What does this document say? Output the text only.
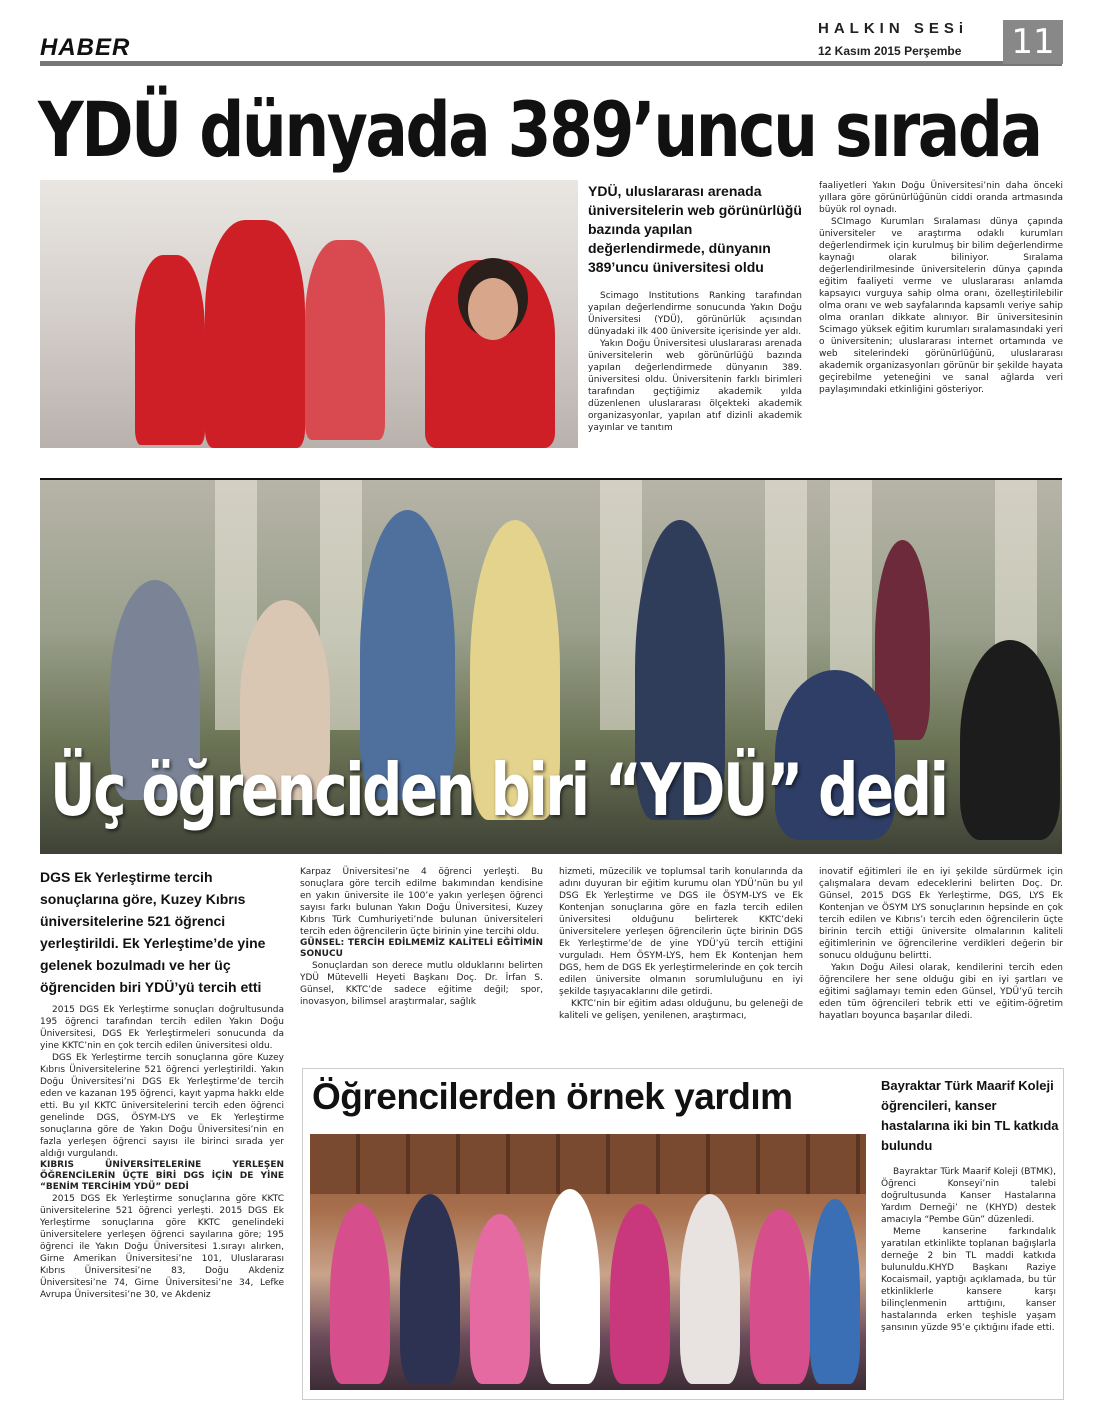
HABER
HALKIN SESi
12 Kasım 2015 Perşembe 11
YDÜ dünyada 389’uncu sırada
YDÜ, uluslararası arenada üniversitelerin web görünürlüğü bazında yapılan değerlendirmede, dünyanın 389’uncu üniversitesi oldu

Scimago Institutions Ranking tarafından yapılan değerlendirme sonucunda Yakın Doğu Üniversitesi (YDÜ), görünürlük açısından dünyadaki ilk 400 üniversite içerisinde yer aldı.

Yakın Doğu Üniversitesi uluslararası arenada üniversitelerin web görünürlüğü bazında yapılan değerlendirmede dünyanın 389. üniversitesi oldu. Üniversitenin farklı birimleri tarafından geçtiğimiz akademik yılda düzenlenen uluslararası ölçekteki akademik organizasyonlar, yapılan atıf dizinli akademik yayınlar ve tanıtım

faaliyetleri Yakın Doğu Üniversitesi’nin daha önceki yıllara göre görünürlüğünün ciddi oranda artmasında büyük rol oynadı.

SCImago Kurumları Sıralaması dünya çapında üniversiteler ve araştırma odaklı kurumları değerlendirmek için kurulmuş bir bilim değerlendirme kaynağı olarak biliniyor. Sıralama değerlendirilmesinde üniversitelerin dünya çapında eğitim faaliyeti verme ve uluslararası anlamda kapsayıcı vurguya sahip olma oranı, özelleştirilebilir olma oranı ve web sayfalarında kapsamlı veriye sahip olma oranları dikkate alınıyor. Bir üniversitesinin Scimago yüksek eğitim kurumları sıralamasındaki yeri o üniversitenin; uluslararası internet ortamında ve web sitelerindeki görünürlüğünü, uluslararası akademik organizasyonları görünür bir şekilde hayata geçirebilme yeteneğini ve sanal ağlarda veri paylaşımındaki etkinliğini gösteriyor.

Üç öğrenciden biri “YDÜ” dedi
DGS Ek Yerleştirme tercih sonuçlarına göre, Kuzey Kıbrıs üniversitelerine 521 öğrenci yerleştirildi. Ek Yerleştime’de yine gelenek bozulmadı ve her üç öğrenciden biri YDÜ’yü tercih etti

2015 DGS Ek Yerleştirme sonuçları doğrultusunda 195 öğrenci tarafından tercih edilen Yakın Doğu Üniversitesi, DGS Ek Yerleştirmeleri sonucunda da yine KKTC’nin en çok tercih edilen üniversitesi oldu.

DGS Ek Yerleştirme tercih sonuçlarına göre Kuzey Kıbrıs Üniversitelerine 521 öğrenci yerleştirildi. Yakın Doğu Üniversitesi’ni DGS Ek Yerleştirme’de tercih eden ve kazanan 195 öğrenci, kayıt yapma hakkı elde etti. Bu yıl KKTC üniversitelerini tercih eden öğrenci genelinde DGS, ÖSYM-LYS ve Ek Yerleştirme sonuçlarına göre de Yakın Doğu Üniversitesi’nin en fazla yerleşen öğrenci sayısı ile birinci sırada yer aldığı vurgulandı.

KIBRIS ÜNİVERSİTELERİNE YERLEŞEN ÖĞRENCİLERİN ÜÇTE BİRİ DGS İÇİN DE YİNE “BENİM TERCİHİM YDÜ” DEDİ

2015 DGS Ek Yerleştirme sonuçlarına göre KKTC üniversitelerine 521 öğrenci yerleşti. 2015 DGS Ek Yerleştirme sonuçlarına göre KKTC genelindeki üniversitelere yerleşen öğrenci sayılarına göre; 195 öğrenci ile Yakın Doğu Üniversitesi 1.sırayı alırken, Girne Amerikan Üniversitesi’ne 101, Uluslararası Kıbrıs Üniversitesi’ne 83, Doğu Akdeniz Üniversitesi’ne 74, Girne Üniversitesi’ne 34, Lefke Avrupa Üniversitesi’ne 30, ve Akdeniz

Karpaz Üniversitesi’ne 4 öğrenci yerleşti. Bu sonuçlara göre tercih edilme bakımından kendisine en yakın üniversite ile 100’e yakın yerleşen öğrenci sayısı farkı bulunan Yakın Doğu Üniversitesi, Kuzey Kıbrıs Türk Cumhuriyeti’nde bulunan üniversiteleri tercih eden öğrencilerin üçte birinin yine tercihi oldu.

GÜNSEL: TERCİH EDİLMEMİZ KALİTELİ EĞİTİMİN SONUCU

Sonuçlardan son derece mutlu olduklarını belirten YDÜ Mütevelli Heyeti Başkanı Doç. Dr. İrfan S. Günsel, KKTC’de sadece eğitime değil; spor, inovasyon, bilimsel araştırmalar, sağlık

hizmeti, müzecilik ve toplumsal tarih konularında da adını duyuran bir eğitim kurumu olan YDÜ’nün bu yıl DSG Ek Yerleştirme ve DGS ile ÖSYM-LYS ve Ek Kontenjan sonuçlarına göre en fazla tercih edilen üniversitesi olduğunu belirterek KKTC’deki üniversitelere yerleşen öğrencilerin üçte birinin DGS Ek Yerleştirme’de de yine YDÜ’yü tercih ettiğini vurguladı. Hem ÖSYM-LYS, hem Ek Kontenjan hem DGS, hem de DGS Ek yerleştirmelerinde en çok tercih edilen üniversite olmanın sorumluluğunu en iyi şekilde taşıyacaklarını dile getirdi.

KKTC’nin bir eğitim adası olduğunu, bu geleneği de kaliteli ve gelişen, yenilenen, araştırmacı,

inovatif eğitimleri ile en iyi şekilde sürdürmek için çalışmalara devam edeceklerini belirten Doç. Dr. Günsel, 2015 DGS Ek Yerleştirme, DGS, LYS Ek Kontenjan ve ÖSYM LYS sonuçlarının hepsinde en çok tercih edilen ve Kıbrıs’ı tercih eden öğrencilerin üçte birinin tercih ettiği üniversite olmalarının kaliteli eğitimlerinin ve öğrencilerine verdikleri değerin bir sonucu olduğunu belirtti.

Yakın Doğu Ailesi olarak, kendilerini tercih eden öğrencilere her sene olduğu gibi en iyi şartları ve eğitimi sağlamayı temin eden Günsel, YDÜ’yü tercih eden tüm öğrencileri tebrik etti ve eğitim-öğretim hayatları boyunca başarılar diledi.

Öğrencilerden örnek yardım	Bayraktar Türk Maarif Koleji öğrencileri, kanser hastalarına iki bin TL katkıda bulundu

Bayraktar Türk Maarif Koleji (BTMK), Öğrenci Konseyi’nin talebi doğrultusunda Kanser Hastalarına Yardım Derneği’ ne (KHYD) destek amacıyla “Pembe Gün” düzenledi.

Meme kanserine farkındalık yaratılan etkinlikte toplanan bağışlarla derneğe 2 bin TL maddi katkıda bulunuldu.KHYD Başkanı Raziye Kocaismail, yaptığı açıklamada, bu tür etkinliklerle kansere karşı bilinçlenmenin arttığını, kanser hastalarında erken teşhisle yaşam şansının yüzde 95’e çıktığını ifade etti.
